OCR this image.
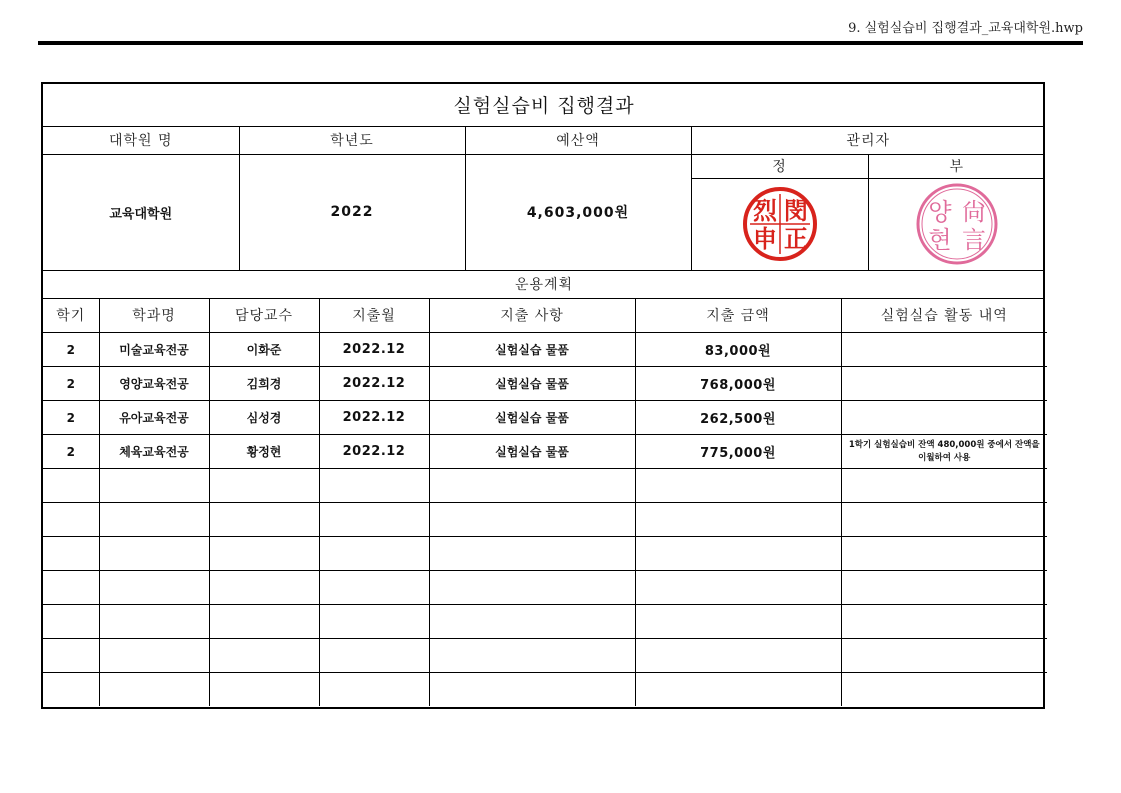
9. 실험실습비 집행결과_교육대학원.hwp
실험실습비 집행결과				
대학원 명	학년도	예산액	관리자	
교육대학원	2022	4,603,000원	정	부

閔
烈
正
申	尙
양
현 言

운용계획				
학기	학과명	담당교수	지출월	지출 사항	지출 금액	실험실습 활동 내역
2	미술교육전공	이화준	2022.12	실험실습 물품	83,000원	
2	영양교육전공	김희경	2022.12	실험실습 물품	768,000원	
2	유아교육전공	심성경	2022.12	실험실습 물품	262,500원	
2	체육교육전공	황정현	2022.12	실험실습 물품	775,000원	1학기 실험실습비 잔액 480,000원 중에서 잔액을 이월하여 사용
